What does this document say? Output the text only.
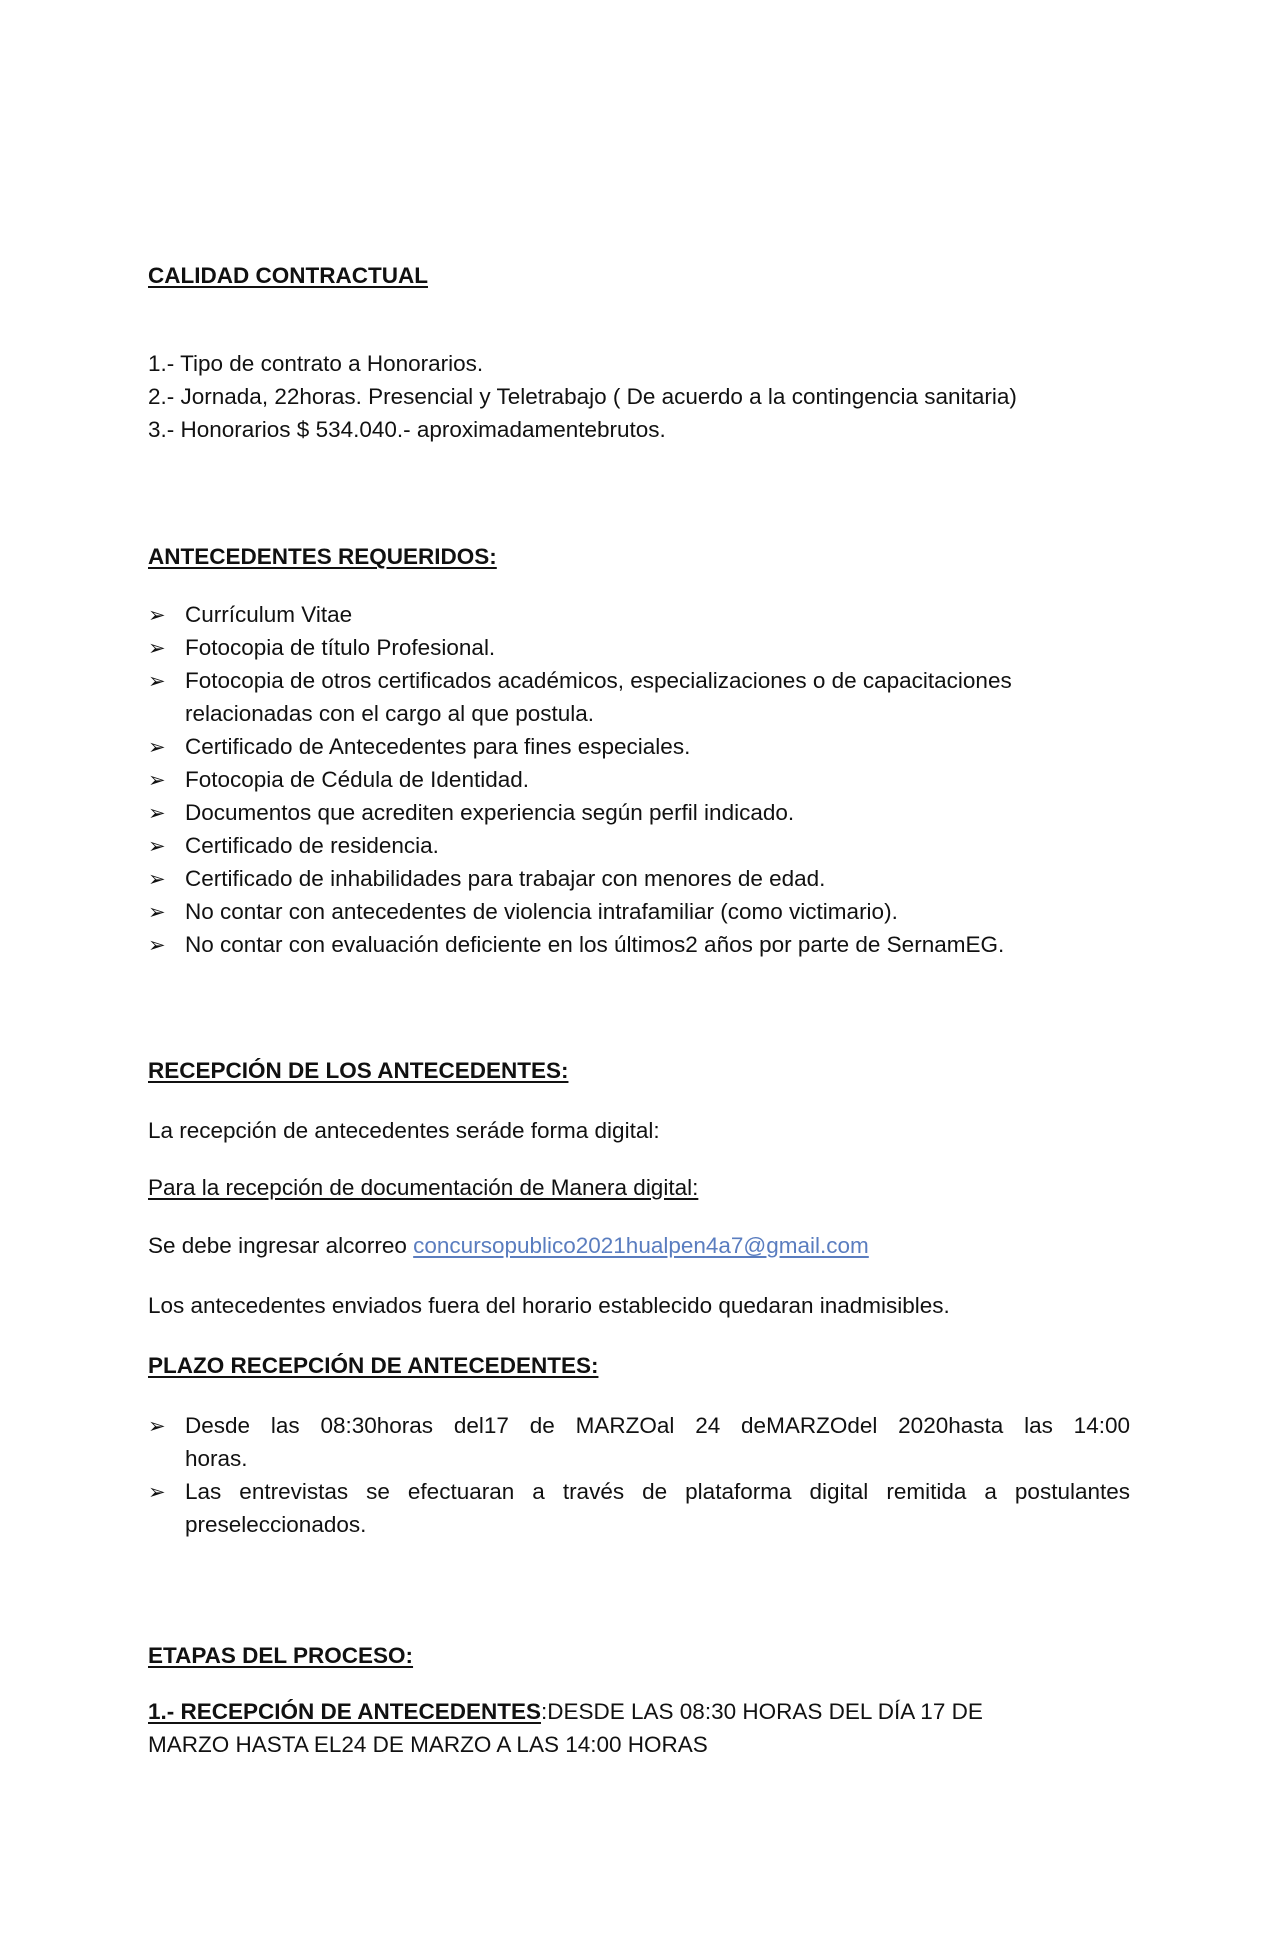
CALIDAD CONTRACTUAL
1.- Tipo de contrato a Honorarios.
2.- Jornada, 22horas. Presencial y Teletrabajo ( De acuerdo a la contingencia sanitaria)
3.- Honorarios $ 534.040.- aproximadamentebrutos.
ANTECEDENTES REQUERIDOS:
➢ Currículum Vitae
➢ Fotocopia de título Profesional.
➢ Fotocopia de otros certificados académicos, especializaciones o de capacitaciones
relacionadas con el cargo al que postula.
➢ Certificado de Antecedentes para fines especiales.
➢ Fotocopia de Cédula de Identidad.
➢ Documentos que acrediten experiencia según perfil indicado.
➢ Certificado de residencia.
➢ Certificado de inhabilidades para trabajar con menores de edad.
➢ No contar con antecedentes de violencia intrafamiliar (como victimario).
➢ No contar con evaluación deficiente en los últimos2 años por parte de SernamEG.
RECEPCIÓN DE LOS ANTECEDENTES:
La recepción de antecedentes seráde forma digital:
Para la recepción de documentación de Manera digital:
Se debe ingresar alcorreo concursopublico2021hualpen4a7@gmail.com
Los antecedentes enviados fuera del horario establecido quedaran inadmisibles.
PLAZO RECEPCIÓN DE ANTECEDENTES:
➢ Desde las 08:30horas del17 de MARZOal 24 deMARZOdel 2020hasta las 14:00
horas.
➢ Las entrevistas se efectuaran a través de plataforma digital remitida a postulantes
preseleccionados.
ETAPAS DEL PROCESO:
1.- RECEPCIÓN DE ANTECEDENTES:DESDE LAS 08:30 HORAS DEL DÍA 17 DE
MARZO HASTA EL24 DE MARZO A LAS 14:00 HORAS
